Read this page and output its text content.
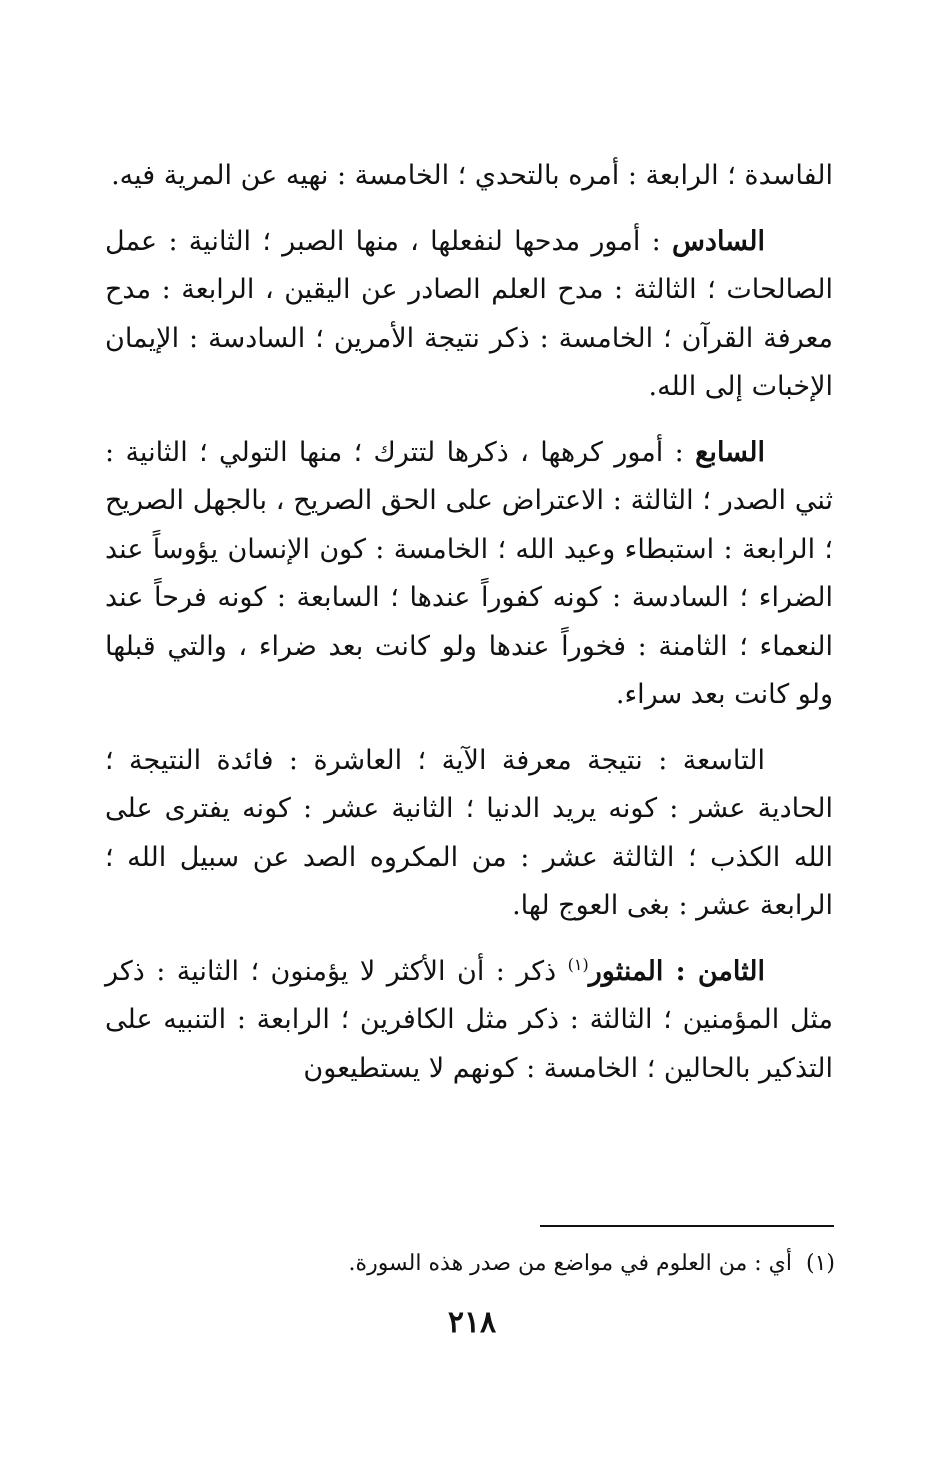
الفاسدة ؛ الرابعة : أمره بالتحدي ؛ الخامسة : نهيه عن المرية فيه.

السادس : أمور مدحها لنفعلها ، منها الصبر ؛ الثانية : عمل الصالحات ؛ الثالثة : مدح العلم الصادر عن اليقين ، الرابعة : مدح معرفة القرآن ؛ الخامسة : ذكر نتيجة الأمرين ؛ السادسة : الإيمان الإخبات إلى الله.

السابع : أمور كرهها ، ذكرها لتترك ؛ منها التولي ؛ الثانية : ثني الصدر ؛ الثالثة : الاعتراض على الحق الصريح ، بالجهل الصريح ؛ الرابعة : استبطاء وعيد الله ؛ الخامسة : كون الإنسان يؤوساً عند الضراء ؛ السادسة : كونه كفوراً عندها ؛ السابعة : كونه فرحاً عند النعماء ؛ الثامنة : فخوراً عندها ولو كانت بعد ضراء ، والتي قبلها ولو كانت بعد سراء.

التاسعة : نتيجة معرفة الآية ؛ العاشرة : فائدة النتيجة ؛ الحادية عشر : كونه يريد الدنيا ؛ الثانية عشر : كونه يفترى على الله الكذب ؛ الثالثة عشر : من المكروه الصد عن سبيل الله ؛ الرابعة عشر : بغى العوج لها.

الثامن : المنثور$^{(١)}$ ذكر : أن الأكثر لا يؤمنون ؛ الثانية : ذكر مثل المؤمنين ؛ الثالثة : ذكر مثل الكافرين ؛ الرابعة : التنبيه على التذكير بالحالين ؛ الخامسة : كونهم لا يستطيعون

(١)أي : من العلوم في مواضع من صدر هذه السورة.
٢١٨
